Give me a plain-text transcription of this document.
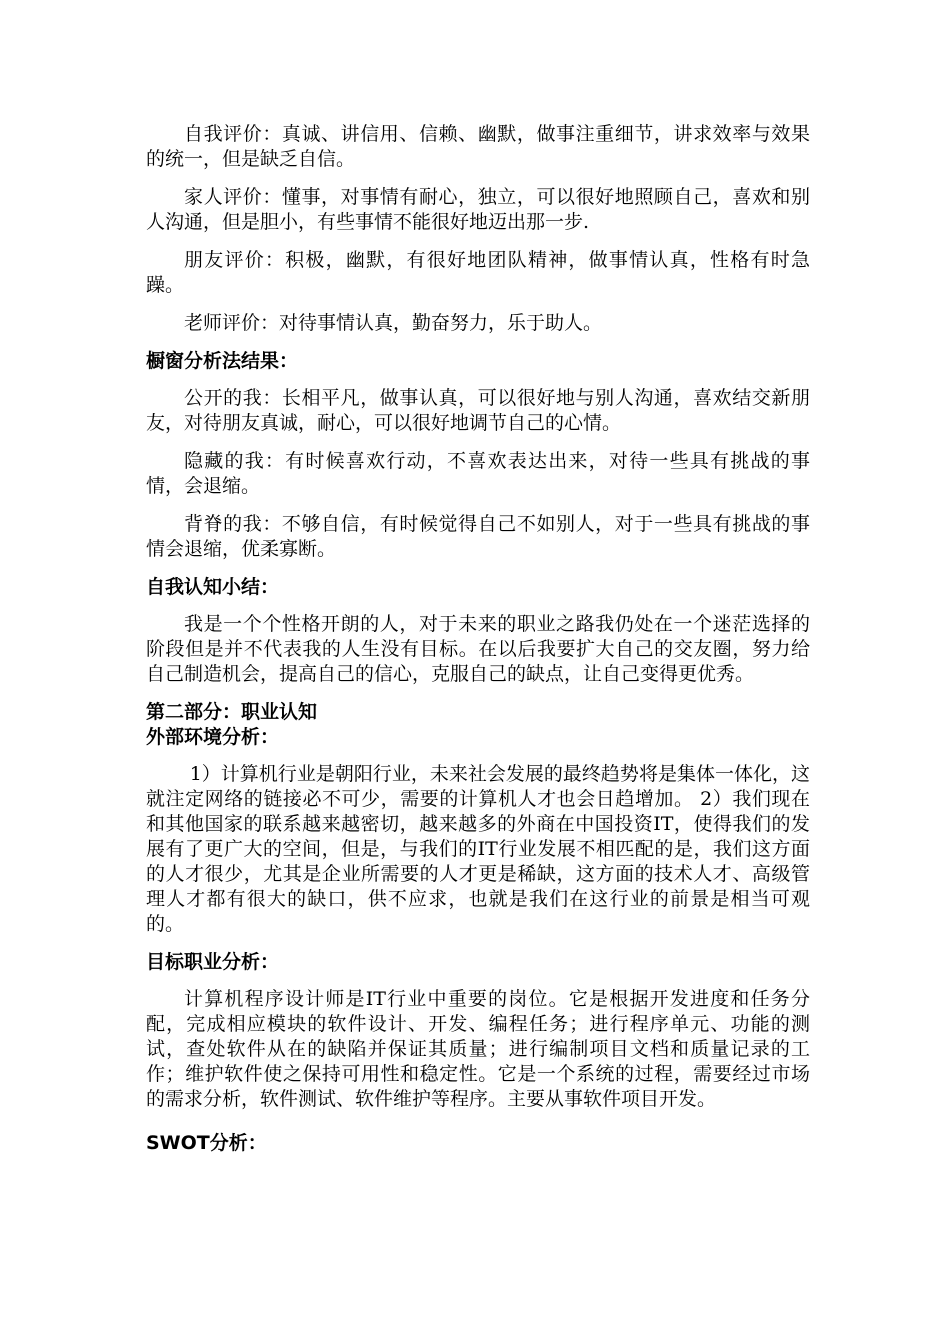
自我评价：真诚、讲信用、信赖、幽默，做事注重细节，讲求效率与效果的统一，但是缺乏自信。

家人评价：懂事，对事情有耐心，独立，可以很好地照顾自己，喜欢和别人沟通，但是胆小，有些事情不能很好地迈出那一步.

朋友评价：积极，幽默，有很好地团队精神，做事情认真，性格有时急躁。

老师评价：对待事情认真，勤奋努力，乐于助人。

橱窗分析法结果：

公开的我：长相平凡，做事认真，可以很好地与别人沟通，喜欢结交新朋友，对待朋友真诚，耐心，可以很好地调节自己的心情。

隐藏的我：有时候喜欢行动，不喜欢表达出来，对待一些具有挑战的事情，会退缩。

背脊的我：不够自信，有时候觉得自己不如别人，对于一些具有挑战的事情会退缩，优柔寡断。

自我认知小结：

我是一个个性格开朗的人，对于未来的职业之路我仍处在一个迷茫选择的阶段但是并不代表我的人生没有目标。在以后我要扩大自己的交友圈，努力给自己制造机会，提高自己的信心，克服自己的缺点，让自己变得更优秀。

第二部分：职业认知
外部环境分析：

1）计算机行业是朝阳行业，未来社会发展的最终趋势将是集体一体化，这就注定网络的链接必不可少，需要的计算机人才也会日趋增加。 2）我们现在和其他国家的联系越来越密切，越来越多的外商在中国投资IT，使得我们的发展有了更广大的空间，但是，与我们的IT行业发展不相匹配的是，我们这方面的人才很少，尤其是企业所需要的人才更是稀缺，这方面的技术人才、高级管理人才都有很大的缺口，供不应求，也就是我们在这行业的前景是相当可观的。

目标职业分析：

计算机程序设计师是IT行业中重要的岗位。它是根据开发进度和任务分配，完成相应模块的软件设计、开发、编程任务；进行程序单元、功能的测试，查处软件从在的缺陷并保证其质量；进行编制项目文档和质量记录的工作；维护软件使之保持可用性和稳定性。它是一个系统的过程，需要经过市场的需求分析，软件测试、软件维护等程序。主要从事软件项目开发。

SWOT分析：
